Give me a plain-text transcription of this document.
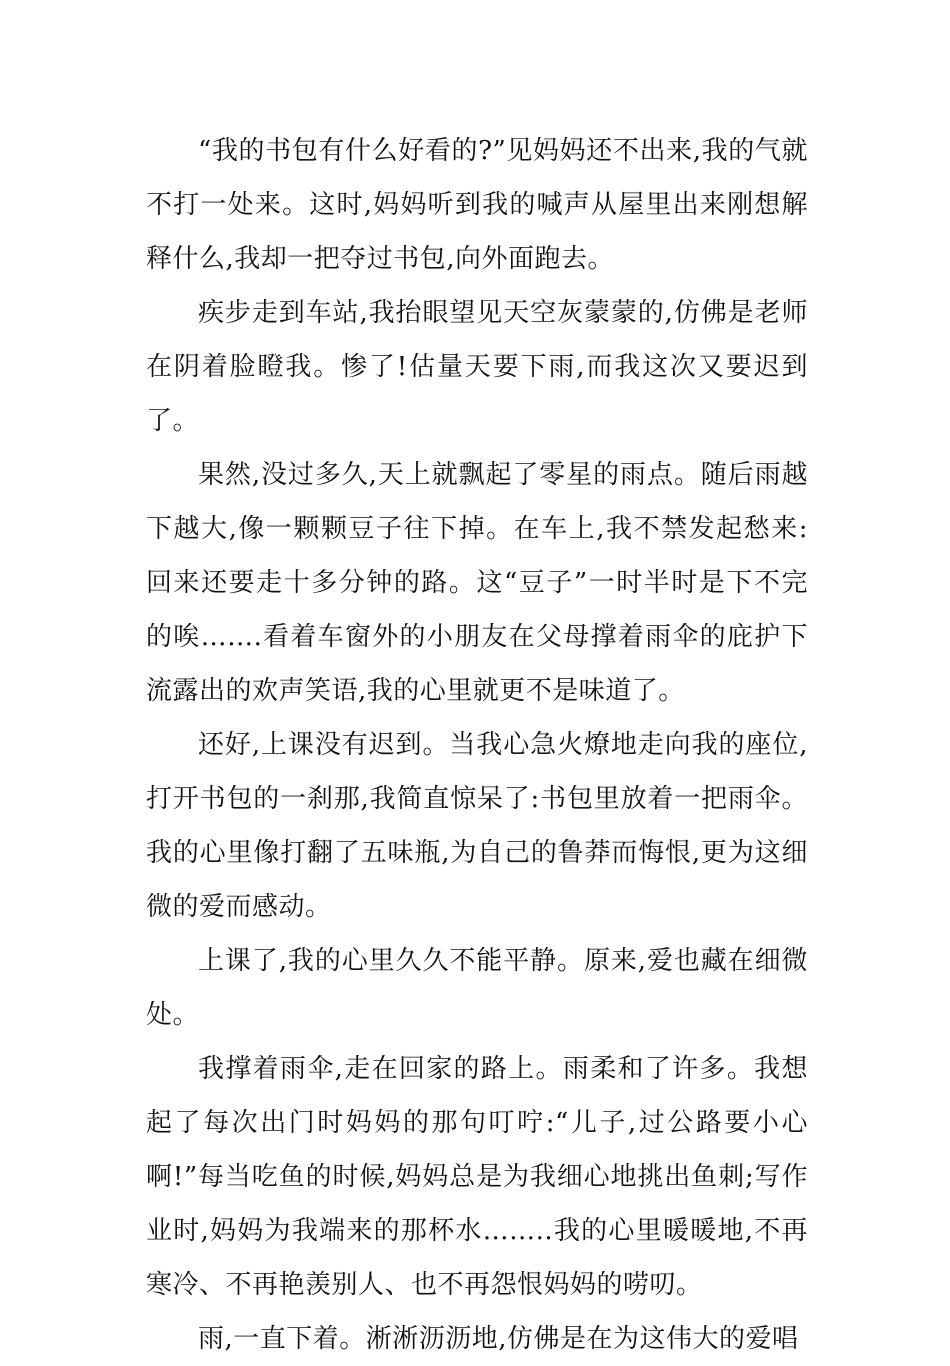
“我的书包有什么好看的?”见妈妈还不出来,我的气就不打一处来。这时,妈妈听到我的喊声从屋里出来刚想解释什么,我却一把夺过书包,向外面跑去。

疾步走到车站,我抬眼望见天空灰蒙蒙的,仿佛是老师在阴着脸瞪我。惨了!估量天要下雨,而我这次又要迟到了。

果然,没过多久,天上就飘起了零星的雨点。随后雨越下越大,像一颗颗豆子往下掉。在车上,我不禁发起愁来:回来还要走十多分钟的路。这“豆子”一时半时是下不完的唉…….看着车窗外的小朋友在父母撑着雨伞的庇护下流露出的欢声笑语,我的心里就更不是味道了。

还好,上课没有迟到。当我心急火燎地走向我的座位,打开书包的一刹那,我简直惊呆了:书包里放着一把雨伞。我的心里像打翻了五味瓶,为自己的鲁莽而悔恨,更为这细微的爱而感动。

上课了,我的心里久久不能平静。原来,爱也藏在细微处。

我撑着雨伞,走在回家的路上。雨柔和了许多。我想起了每次出门时妈妈的那句叮咛:“儿子,过公路要小心啊!”每当吃鱼的时候,妈妈总是为我细心地挑出鱼刺;写作业时,妈妈为我端来的那杯水……..我的心里暖暖地,不再寒冷、不再艳羡别人、也不再怨恨妈妈的唠叨。

雨,一直下着。淅淅沥沥地,仿佛是在为这伟大的爱唱
